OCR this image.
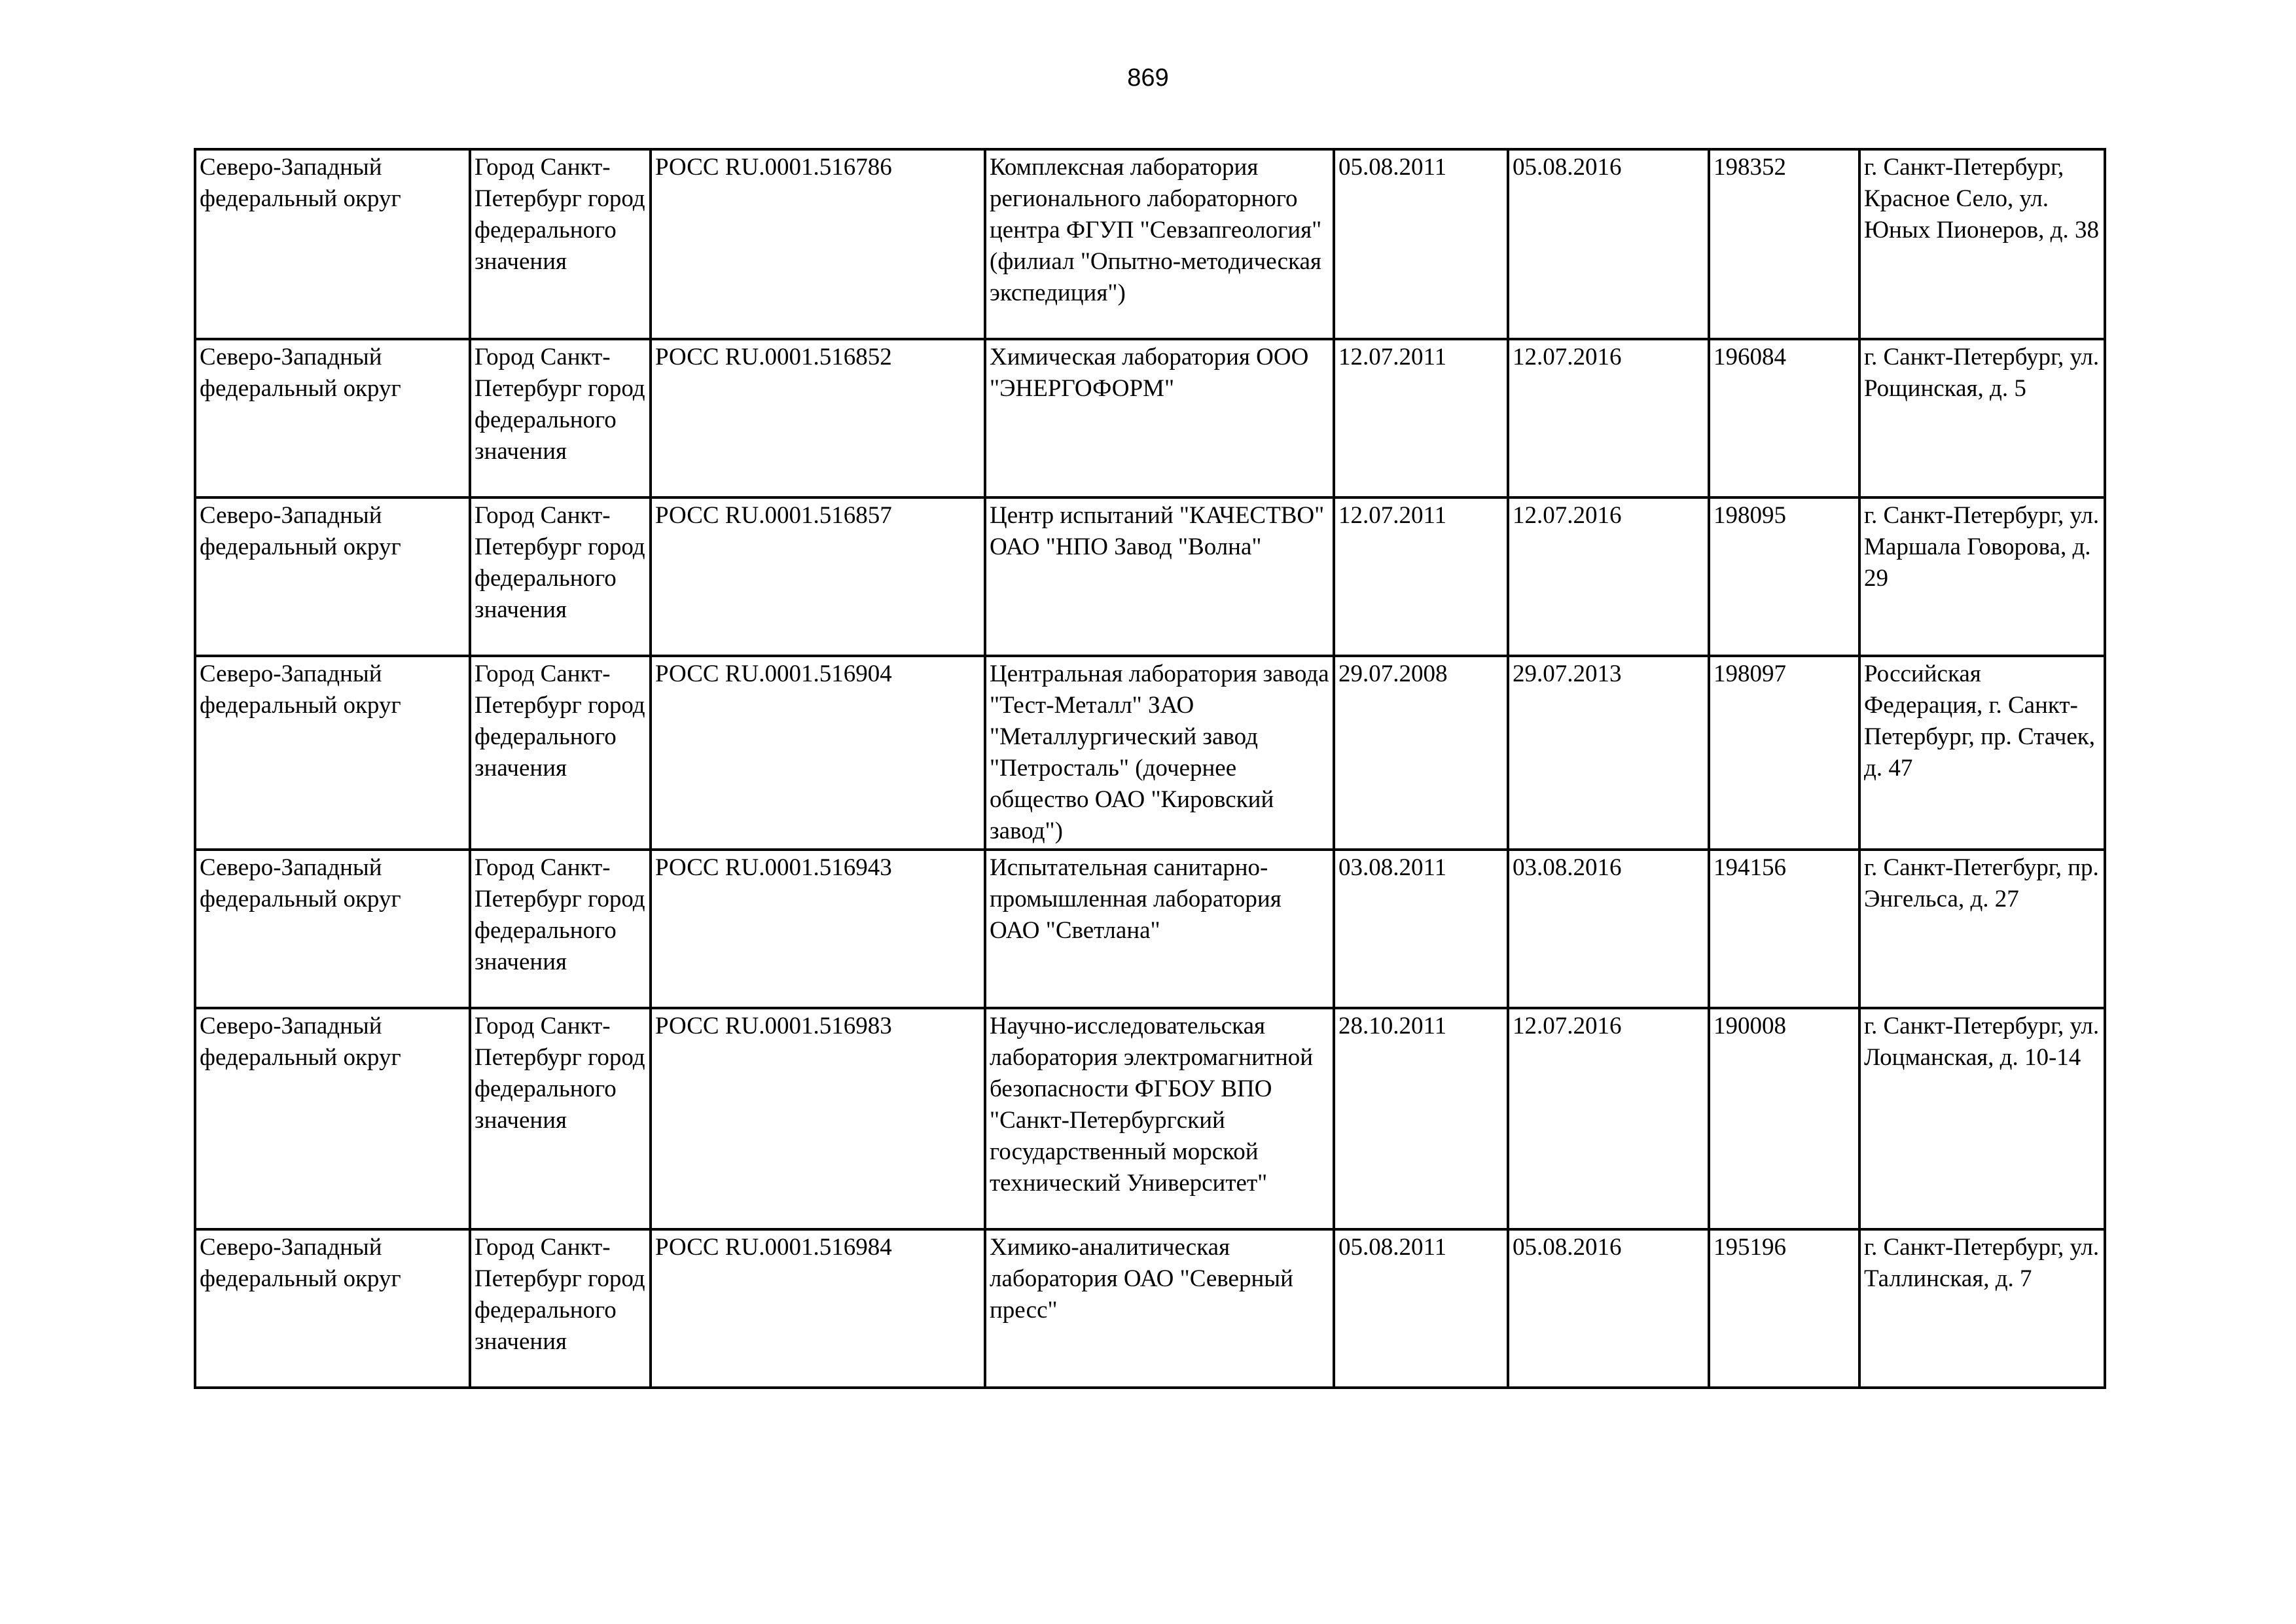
869
Северо-Западный федеральный округ	Город Санкт-Петербург город федерального значения	РОСС RU.0001.516786	Комплексная лаборатория регионального лабораторного центра ФГУП "Севзапгеология" (филиал "Опытно-методическая экспедиция")	05.08.2011	05.08.2016	198352	г. Санкт-Петербург, Красное Село, ул. Юных Пионеров, д. 38
Северо-Западный федеральный округ	Город Санкт-Петербург город федерального значения	РОСС RU.0001.516852	Химическая лаборатория ООО "ЭНЕРГОФОРМ"	12.07.2011	12.07.2016	196084	г. Санкт-Петербург, ул. Рощинская, д. 5
Северо-Западный федеральный округ	Город Санкт-Петербург город федерального значения	РОСС RU.0001.516857	Центр испытаний "КАЧЕСТВО" ОАО "НПО Завод "Волна"	12.07.2011	12.07.2016	198095	г. Санкт-Петербург, ул. Маршала Говорова, д. 29
Северо-Западный федеральный округ	Город Санкт-Петербург город федерального значения	РОСС RU.0001.516904	Центральная лаборатория завода "Тест-Металл" ЗАО "Металлургический завод "Петросталь" (дочернее общество ОАО "Кировский завод")	29.07.2008	29.07.2013	198097	Российская Федерация, г. Санкт-Петербург, пр. Стачек, д. 47
Северо-Западный федеральный округ	Город Санкт-Петербург город федерального значения	РОСС RU.0001.516943	Испытательная санитарно-промышленная лаборатория ОАО "Светлана"	03.08.2011	03.08.2016	194156	г. Санкт-Петегбург, пр. Энгельса, д. 27
Северо-Западный федеральный округ	Город Санкт-Петербург город федерального значения	РОСС RU.0001.516983	Научно-исследовательская лаборатория электромагнитной безопасности ФГБОУ ВПО "Санкт-Петербургский государственный морской технический Университет"	28.10.2011	12.07.2016	190008	г. Санкт-Петербург, ул. Лоцманская, д. 10-14
Северо-Западный федеральный округ	Город Санкт-Петербург город федерального значения	РОСС RU.0001.516984	Химико-аналитическая лаборатория ОАО "Северный пресс"	05.08.2011	05.08.2016	195196	г. Санкт-Петербург, ул. Таллинская, д. 7
